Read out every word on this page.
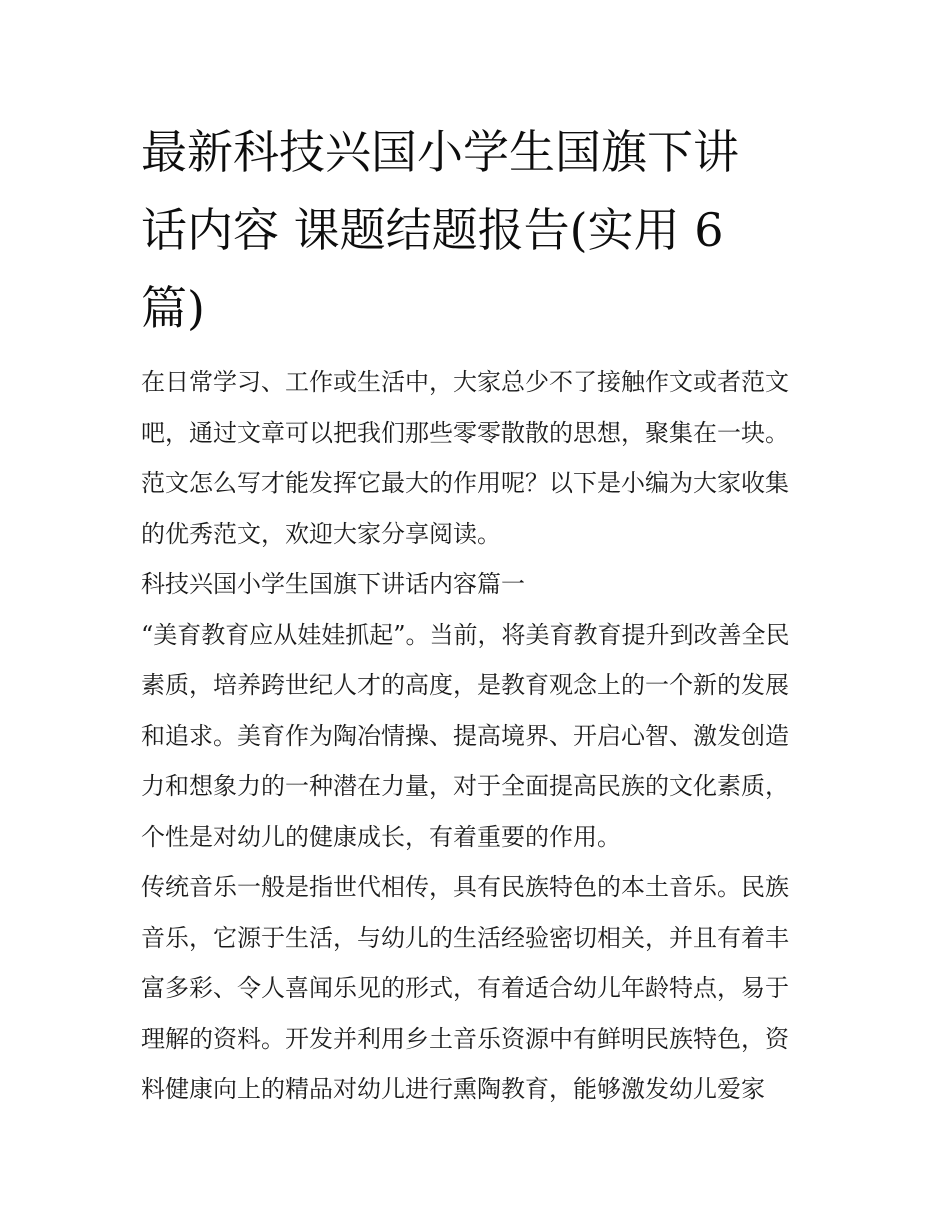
最新科技兴国小学生国旗下讲
话内容 课题结题报告(实用 6
篇)
在日常学习、工作或生活中，大家总少不了接触作文或者范文
吧，通过文章可以把我们那些零零散散的思想，聚集在一块。
范文怎么写才能发挥它最大的作用呢？以下是小编为大家收集
的优秀范文，欢迎大家分享阅读。
科技兴国小学生国旗下讲话内容篇一
“美育教育应从娃娃抓起”。当前，将美育教育提升到改善全民
素质，培养跨世纪人才的高度，是教育观念上的一个新的发展
和追求。美育作为陶冶情操、提高境界、开启心智、激发创造
力和想象力的一种潜在力量，对于全面提高民族的文化素质，
个性是对幼儿的健康成长，有着重要的作用。
传统音乐一般是指世代相传，具有民族特色的本土音乐。民族
音乐，它源于生活，与幼儿的生活经验密切相关，并且有着丰
富多彩、令人喜闻乐见的形式，有着适合幼儿年龄特点，易于
理解的资料。开发并利用乡土音乐资源中有鲜明民族特色，资
料健康向上的精品对幼儿进行熏陶教育，能够激发幼儿爱家
